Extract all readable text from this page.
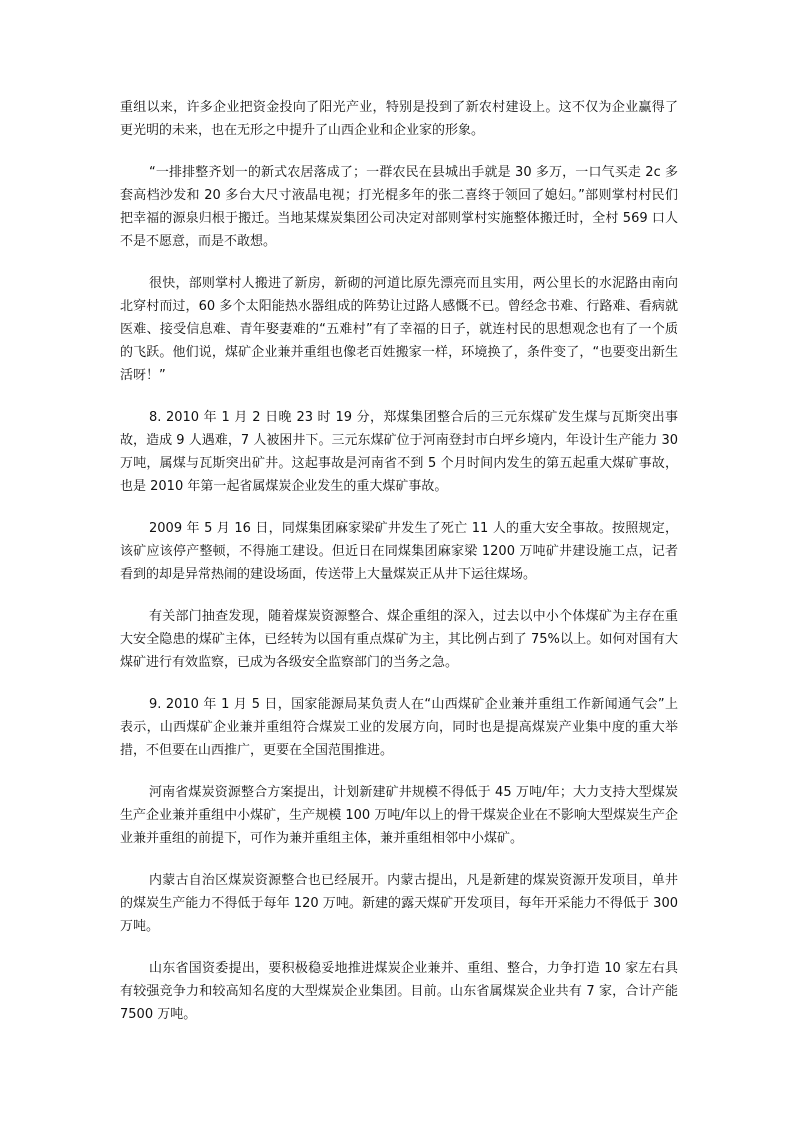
重组以来，许多企业把资金投向了阳光产业，特别是投到了新农村建设上。这不仅为企业赢得了更光明的未来，也在无形之中提升了山西企业和企业家的形象。

“一排排整齐划一的新式农居落成了；一群农民在县城出手就是 30 多万，一口气买走 2c 多套高档沙发和 20 多台大尺寸液晶电视；打光棍多年的张二喜终于领回了媳妇。”部则掌村村民们把幸福的源泉归根于搬迁。当地某煤炭集团公司决定对部则掌村实施整体搬迁时，全村 569 口人不是不愿意，而是不敢想。

很快，部则掌村人搬进了新房，新砌的河道比原先漂亮而且实用，两公里长的水泥路由南向北穿村而过，60 多个太阳能热水器组成的阵势让过路人感慨不已。曾经念书难、行路难、看病就医难、接受信息难、青年娶妻难的“五难村”有了幸福的日子，就连村民的思想观念也有了一个质的飞跃。他们说，煤矿企业兼并重组也像老百姓搬家一样，环境换了，条件变了，“也要变出新生活呀！”

8. 2010 年 1 月 2 日晚 23 时 19 分，郑煤集团整合后的三元东煤矿发生煤与瓦斯突出事故，造成 9 人遇难，7 人被困井下。三元东煤矿位于河南登封市白坪乡境内，年设计生产能力 30 万吨，属煤与瓦斯突出矿井。这起事故是河南省不到 5 个月时间内发生的第五起重大煤矿事故，也是 2010 年第一起省属煤炭企业发生的重大煤矿事故。

2009 年 5 月 16 日，同煤集团麻家梁矿井发生了死亡 11 人的重大安全事故。按照规定，该矿应该停产整顿，不得施工建设。但近日在同煤集团麻家梁 1200 万吨矿井建设施工点，记者看到的却是异常热闹的建设场面，传送带上大量煤炭正从井下运往煤场。

有关部门抽查发现，随着煤炭资源整合、煤企重组的深入，过去以中小个体煤矿为主存在重大安全隐患的煤矿主体，已经转为以国有重点煤矿为主，其比例占到了 75%以上。如何对国有大煤矿进行有效监察，已成为各级安全监察部门的当务之急。

9. 2010 年 1 月 5 日，国家能源局某负责人在“山西煤矿企业兼并重组工作新闻通气会”上表示，山西煤矿企业兼并重组符合煤炭工业的发展方向，同时也是提高煤炭产业集中度的重大举措，不但要在山西推广，更要在全国范围推进。

河南省煤炭资源整合方案提出，计划新建矿井规模不得低于 45 万吨/年；大力支持大型煤炭生产企业兼并重组中小煤矿，生产规模 100 万吨/年以上的骨干煤炭企业在不影响大型煤炭生产企业兼并重组的前提下，可作为兼并重组主体，兼并重组相邻中小煤矿。

内蒙古自治区煤炭资源整合也已经展开。内蒙古提出，凡是新建的煤炭资源开发项目，单井的煤炭生产能力不得低于每年 120 万吨。新建的露天煤矿开发项目，每年开采能力不得低于 300 万吨。

山东省国资委提出，要积极稳妥地推进煤炭企业兼并、重组、整合，力争打造 10 家左右具有较强竞争力和较高知名度的大型煤炭企业集团。目前。山东省属煤炭企业共有 7 家，合计产能 7500 万吨。
